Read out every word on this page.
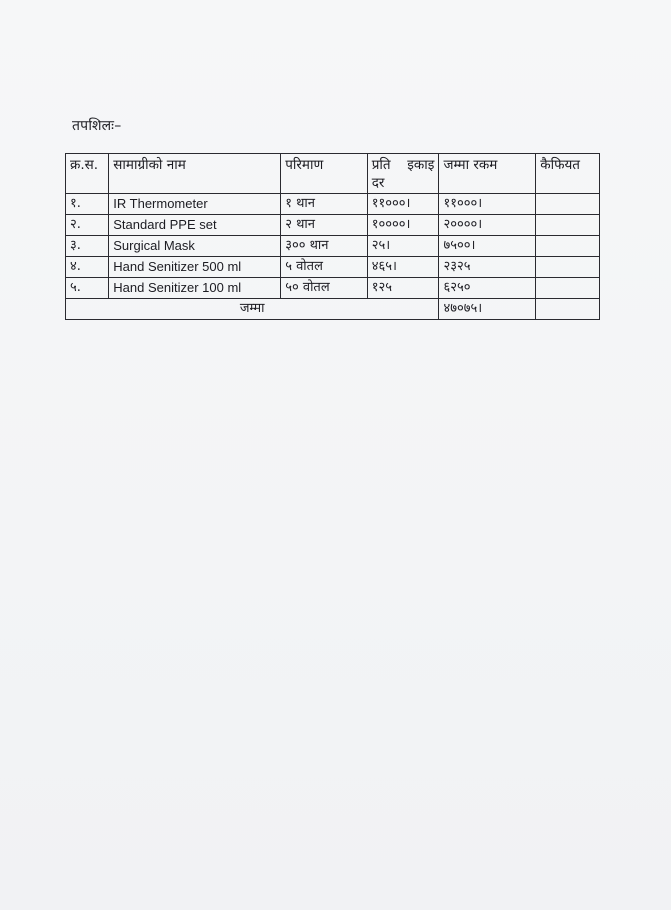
तपशिलः–
क्र.स.	सामाग्रीको नाम	परिमाण	प्रति इकाइ दर	जम्मा रकम	कैफियत
१.	IR Thermometer	१ थान	११०००।	११०००।	
२.	Standard PPE set	२ थान	१००००।	२००००।	
३.	Surgical Mask	३०० थान	२५।	७५००।	
४.	Hand Senitizer 500 ml	५ वोतल	४६५।	२३२५	
५.	Hand Senitizer 100 ml	५० वोतल	१२५	६२५०	
जम्मा				४७०७५।	
